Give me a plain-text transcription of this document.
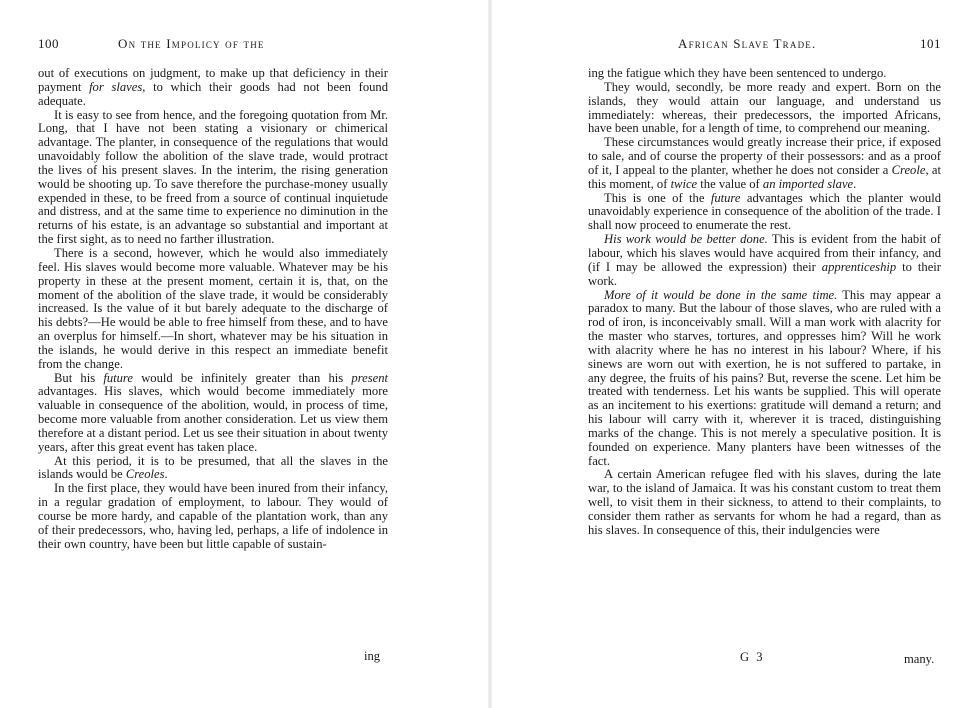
100	On the Impolicy of the

out of executions on judgment, to make up that deficiency in their payment for slaves, to which their goods had not been found adequate.

It is easy to see from hence, and the foregoing quotation from Mr. Long, that I have not been stating a visionary or chimerical advantage. The planter, in consequence of the regulations that would unavoidably follow the abolition of the slave trade, would protract the lives of his present slaves. In the interim, the rising generation would be shooting up. To save therefore the purchase-money usually expended in these, to be freed from a source of continual inquietude and distress, and at the same time to experience no diminution in the returns of his estate, is an advantage so substantial and important at the first sight, as to need no farther illustration.

There is a second, however, which he would also immediately feel. His slaves would become more valuable. Whatever may be his property in these at the present moment, certain it is, that, on the moment of the abolition of the slave trade, it would be considerably increased. Is the value of it but barely adequate to the discharge of his debts?—He would be able to free himself from these, and to have an overplus for himself.—In short, whatever may be his situation in the islands, he would derive in this respect an immediate benefit from the change.

But his future would be infinitely greater than his present advantages. His slaves, which would become immediately more valuable in consequence of the abolition, would, in process of time, become more valuable from another consideration. Let us view them therefore at a distant period. Let us see their situation in about twenty years, after this great event has taken place.

At this period, it is to be presumed, that all the slaves in the islands would be Creoles.

In the first place, they would have been inured from their infancy, in a regular gradation of employment, to labour. They would of course be more hardy, and capable of the plantation work, than any of their predecessors, who, having led, perhaps, a life of indolence in their own country, have been but little capable of sustain-

ing
African Slave Trade.	101

ing the fatigue which they have been sentenced to undergo.

They would, secondly, be more ready and expert. Born on the islands, they would attain our language, and understand us immediately: whereas, their predecessors, the imported Africans, have been unable, for a length of time, to comprehend our meaning.

These circumstances would greatly increase their price, if exposed to sale, and of course the property of their possessors: and as a proof of it, I appeal to the planter, whether he does not consider a Creole, at this moment, of twice the value of an imported slave.

This is one of the future advantages which the planter would unavoidably experience in consequence of the abolition of the trade. I shall now proceed to enumerate the rest.

His work would be better done. This is evident from the habit of labour, which his slaves would have acquired from their infancy, and (if I may be allowed the expression) their apprenticeship to their work.

More of it would be done in the same time. This may appear a paradox to many. But the labour of those slaves, who are ruled with a rod of iron, is inconceivably small. Will a man work with alacrity for the master who starves, tortures, and oppresses him? Will he work with alacrity where he has no interest in his labour? Where, if his sinews are worn out with exertion, he is not suffered to partake, in any degree, the fruits of his pains? But, reverse the scene. Let him be treated with tenderness. Let his wants be supplied. This will operate as an incitement to his exertions: gratitude will demand a return; and his labour will carry with it, wherever it is traced, distinguishing marks of the change. This is not merely a speculative position. It is founded on experience. Many planters have been witnesses of the fact.

A certain American refugee fled with his slaves, during the late war, to the island of Jamaica. It was his constant custom to treat them well, to visit them in their sickness, to attend to their complaints, to consider them rather as servants for whom he had a regard, than as his slaves. In consequence of this, their indulgencies were

G 3	many.
